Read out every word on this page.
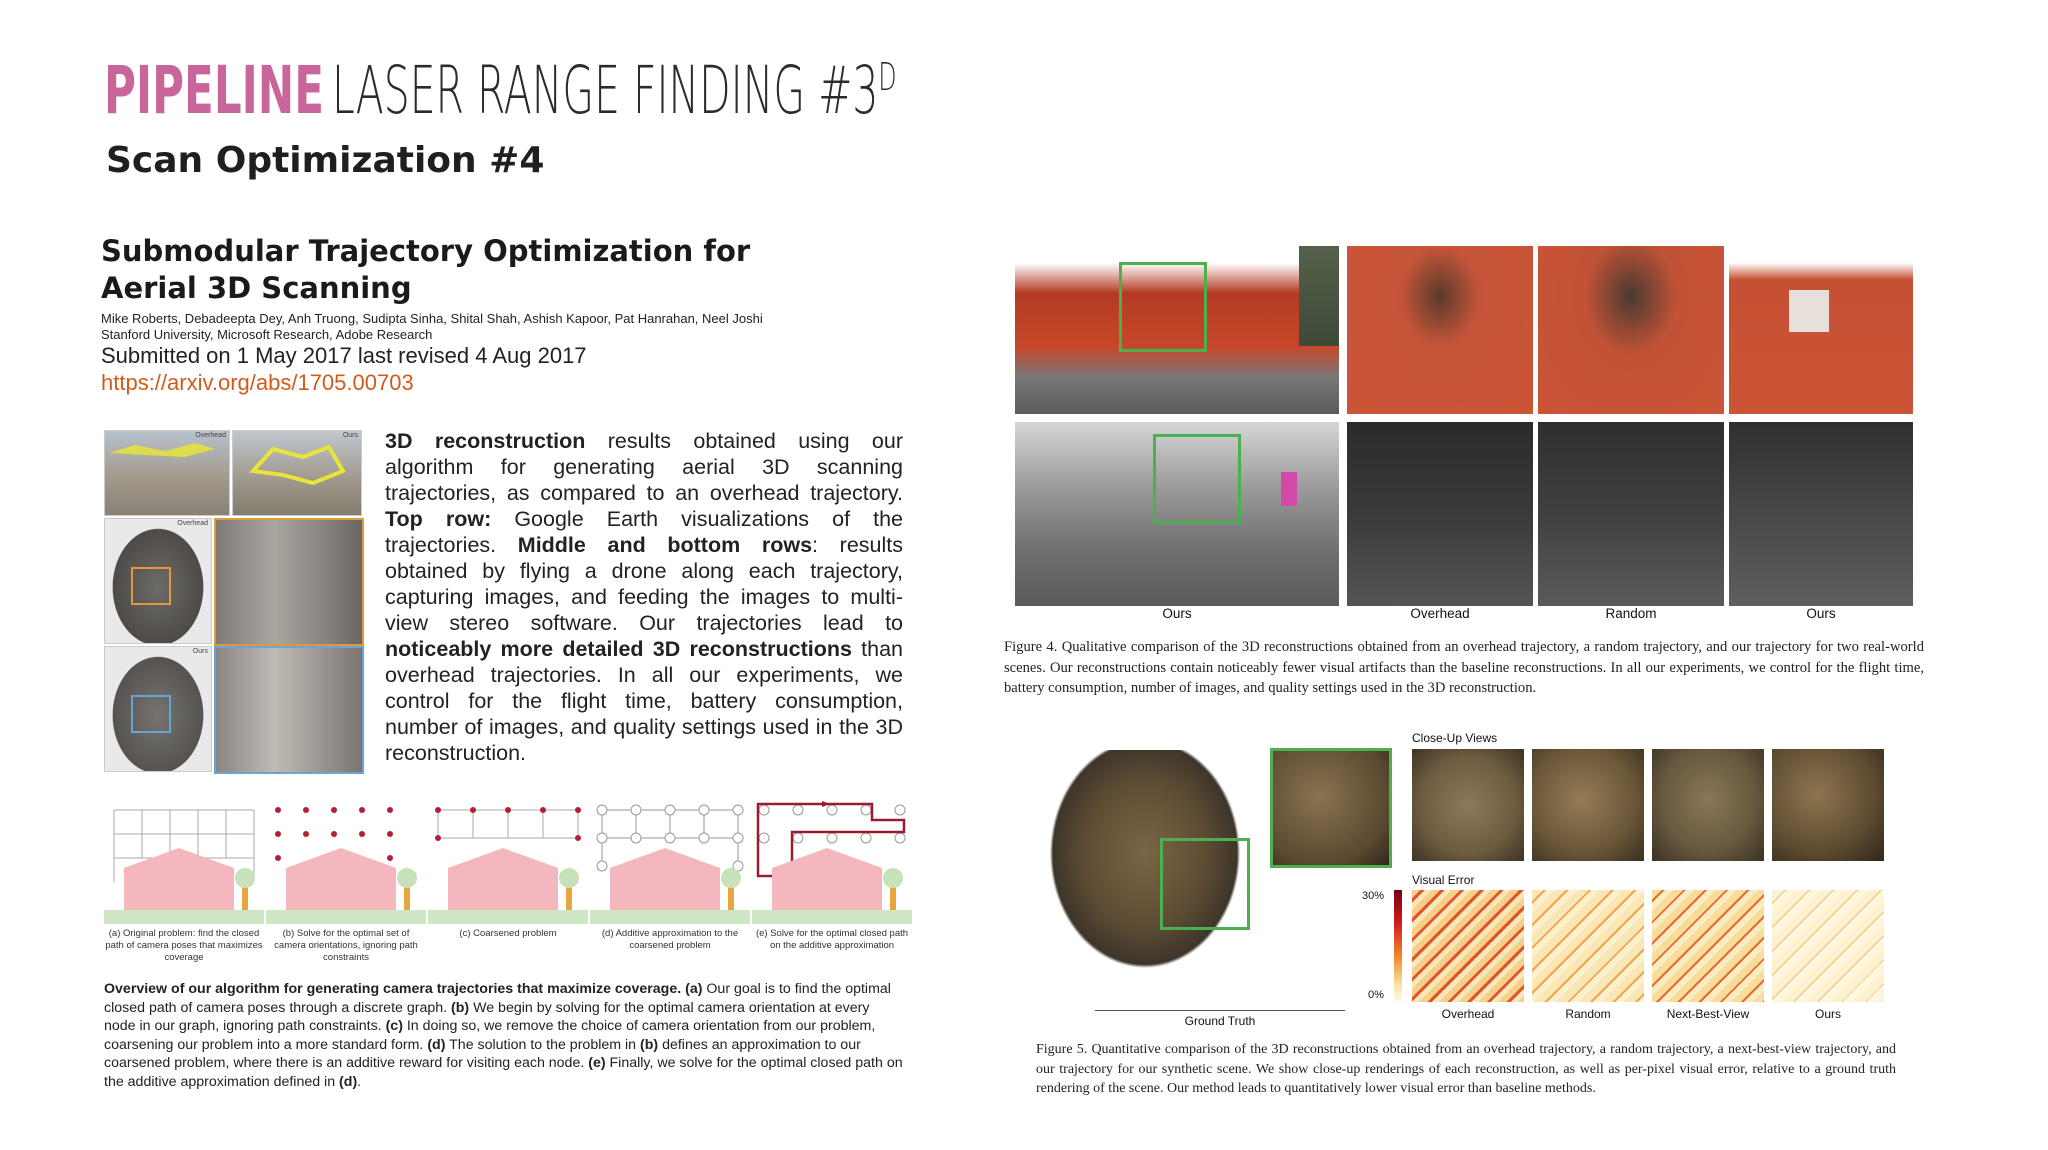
PIPELINE LASER RANGE FINDING $\#3^D$
Scan Optimization #4
Submodular Trajectory Optimization for Aerial 3D Scanning
Mike Roberts, Debadeepta Dey, Anh Truong, Sudipta Sinha, Shital Shah, Ashish Kapoor, Pat Hanrahan, Neel Joshi
Stanford University, Microsoft Research, Adobe Research
Submitted on 1 May 2017 last revised 4 Aug 2017
https://arxiv.org/abs/1705.00703
Overhead	Ours
Overhead
Ours
3D reconstruction results obtained using our algorithm for generating aerial 3D scanning trajectories, as compared to an overhead trajectory. Top row: Google Earth visualizations of the trajectories. Middle and bottom rows: results obtained by flying a drone along each trajectory, capturing images, and feeding the images to multi-view stereo software. Our trajectories lead to noticeably more detailed 3D reconstructions than overhead trajectories. In all our experiments, we control for the flight time, battery consumption, number of images, and quality settings used in the 3D reconstruction.
(a) Original problem: find the closed path of camera poses that maximizes coverage
(b) Solve for the optimal set of camera orientations, ignoring path constraints
(c) Coarsened problem	(d) Additive approximation to the coarsened problem
(e) Solve for the optimal closed path on the additive approximation
Overview of our algorithm for generating camera trajectories that maximize coverage. (a) Our goal is to find the optimal closed path of camera poses through a discrete graph. (b) We begin by solving for the optimal camera orientation at every node in our graph, ignoring path constraints. (c) In doing so, we remove the choice of camera orientation from our problem, coarsening our problem into a more standard form. (d) The solution to the problem in (b) defines an approximation to our coarsened problem, where there is an additive reward for visiting each node. (e) Finally, we solve for the optimal closed path on the additive approximation defined in (d).
Ours	Overhead	Random	Ours
Figure 4. Qualitative comparison of the 3D reconstructions obtained from an overhead trajectory, a random trajectory, and our trajectory for two real-world scenes. Our reconstructions contain noticeably fewer visual artifacts than the baseline reconstructions. In all our experiments, we control for the flight time, battery consumption, number of images, and quality settings used in the 3D reconstruction.
Ground Truth
Close-Up Views
Visual Error
30%
0%
Overhead	Random	Next-Best-View	Ours
Figure 5. Quantitative comparison of the 3D reconstructions obtained from an overhead trajectory, a random trajectory, a next-best-view trajectory, and our trajectory for our synthetic scene. We show close-up renderings of each reconstruction, as well as per-pixel visual error, relative to a ground truth rendering of the scene. Our method leads to quantitatively lower visual error than baseline methods.
